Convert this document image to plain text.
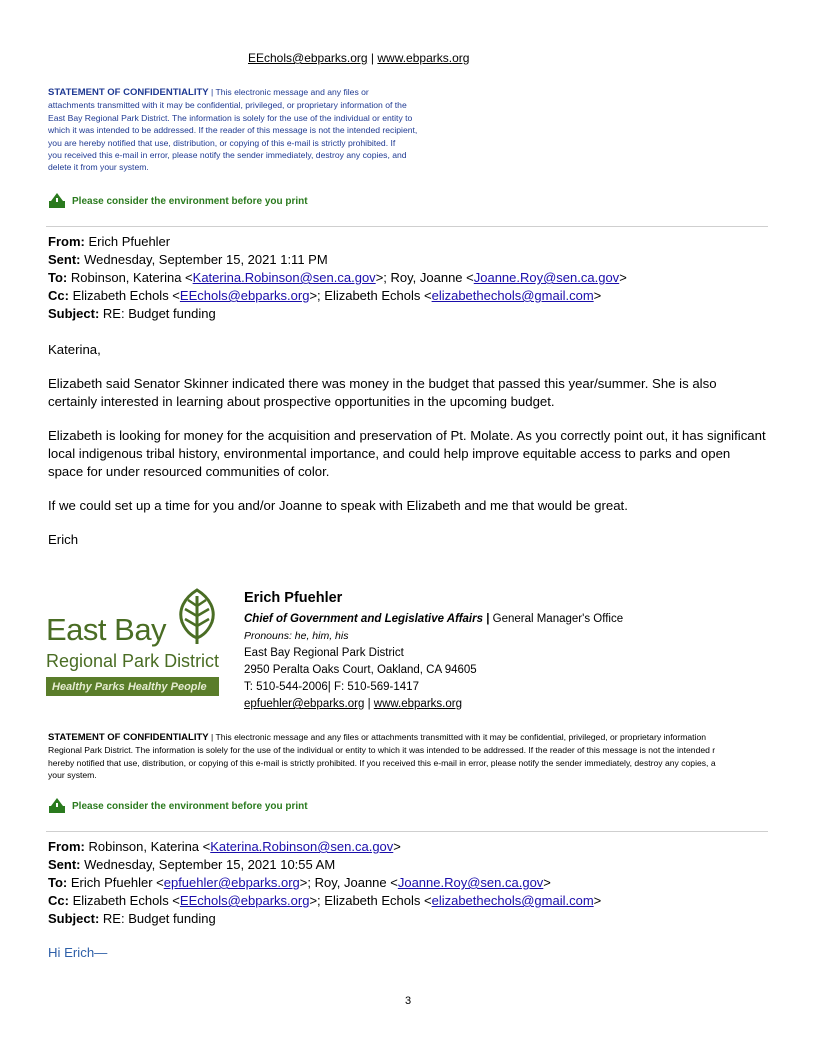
EEchols@ebparks.org | www.ebparks.org
STATEMENT OF CONFIDENTIALITY | This electronic message and any files or
attachments transmitted with it may be confidential, privileged, or proprietary information of the
East Bay Regional Park District. The information is solely for the use of the individual or entity to
which it was intended to be addressed. If the reader of this message is not the intended recipient,
you are hereby notified that use, distribution, or copying of this e-mail is strictly prohibited. If
you received this e-mail in error, please notify the sender immediately, destroy any copies, and
delete it from your system.
Please consider the environment before you print
From: Erich Pfuehler
Sent: Wednesday, September 15, 2021 1:11 PM
To: Robinson, Katerina <Katerina.Robinson@sen.ca.gov>; Roy, Joanne <Joanne.Roy@sen.ca.gov>
Cc: Elizabeth Echols <EEchols@ebparks.org>; Elizabeth Echols <elizabethechols@gmail.com>
Subject: RE: Budget funding

Katerina,

Elizabeth said Senator Skinner indicated there was money in the budget that passed this year/summer. She is also certainly interested in learning about prospective opportunities in the upcoming budget.

Elizabeth is looking for money for the acquisition and preservation of Pt. Molate. As you correctly point out, it has significant local indigenous tribal history, environmental importance, and could help improve equitable access to parks and open space for under resourced communities of color.

If we could set up a time for you and/or Joanne to speak with Elizabeth and me that would be great.

Erich

East Bay
Regional Park District
Healthy Parks Healthy People
Erich Pfuehler
Chief of Government and Legislative Affairs | General Manager's Office
Pronouns: he, him, his
East Bay Regional Park District
2950 Peralta Oaks Court, Oakland, CA 94605
T: 510-544-2006| F: 510-569-1417
epfuehler@ebparks.org | www.ebparks.org
STATEMENT OF CONFIDENTIALITY | This electronic message and any files or attachments transmitted with it may be confidential, privileged, or proprietary information
Regional Park District. The information is solely for the use of the individual or entity to which it was intended to be addressed. If the reader of this message is not the intended r
hereby notified that use, distribution, or copying of this e-mail is strictly prohibited. If you received this e-mail in error, please notify the sender immediately, destroy any copies, a
your system.
Please consider the environment before you print
From: Robinson, Katerina <Katerina.Robinson@sen.ca.gov>
Sent: Wednesday, September 15, 2021 10:55 AM
To: Erich Pfuehler <epfuehler@ebparks.org>; Roy, Joanne <Joanne.Roy@sen.ca.gov>
Cc: Elizabeth Echols <EEchols@ebparks.org>; Elizabeth Echols <elizabethechols@gmail.com>
Subject: RE: Budget funding
Hi Erich—
3
